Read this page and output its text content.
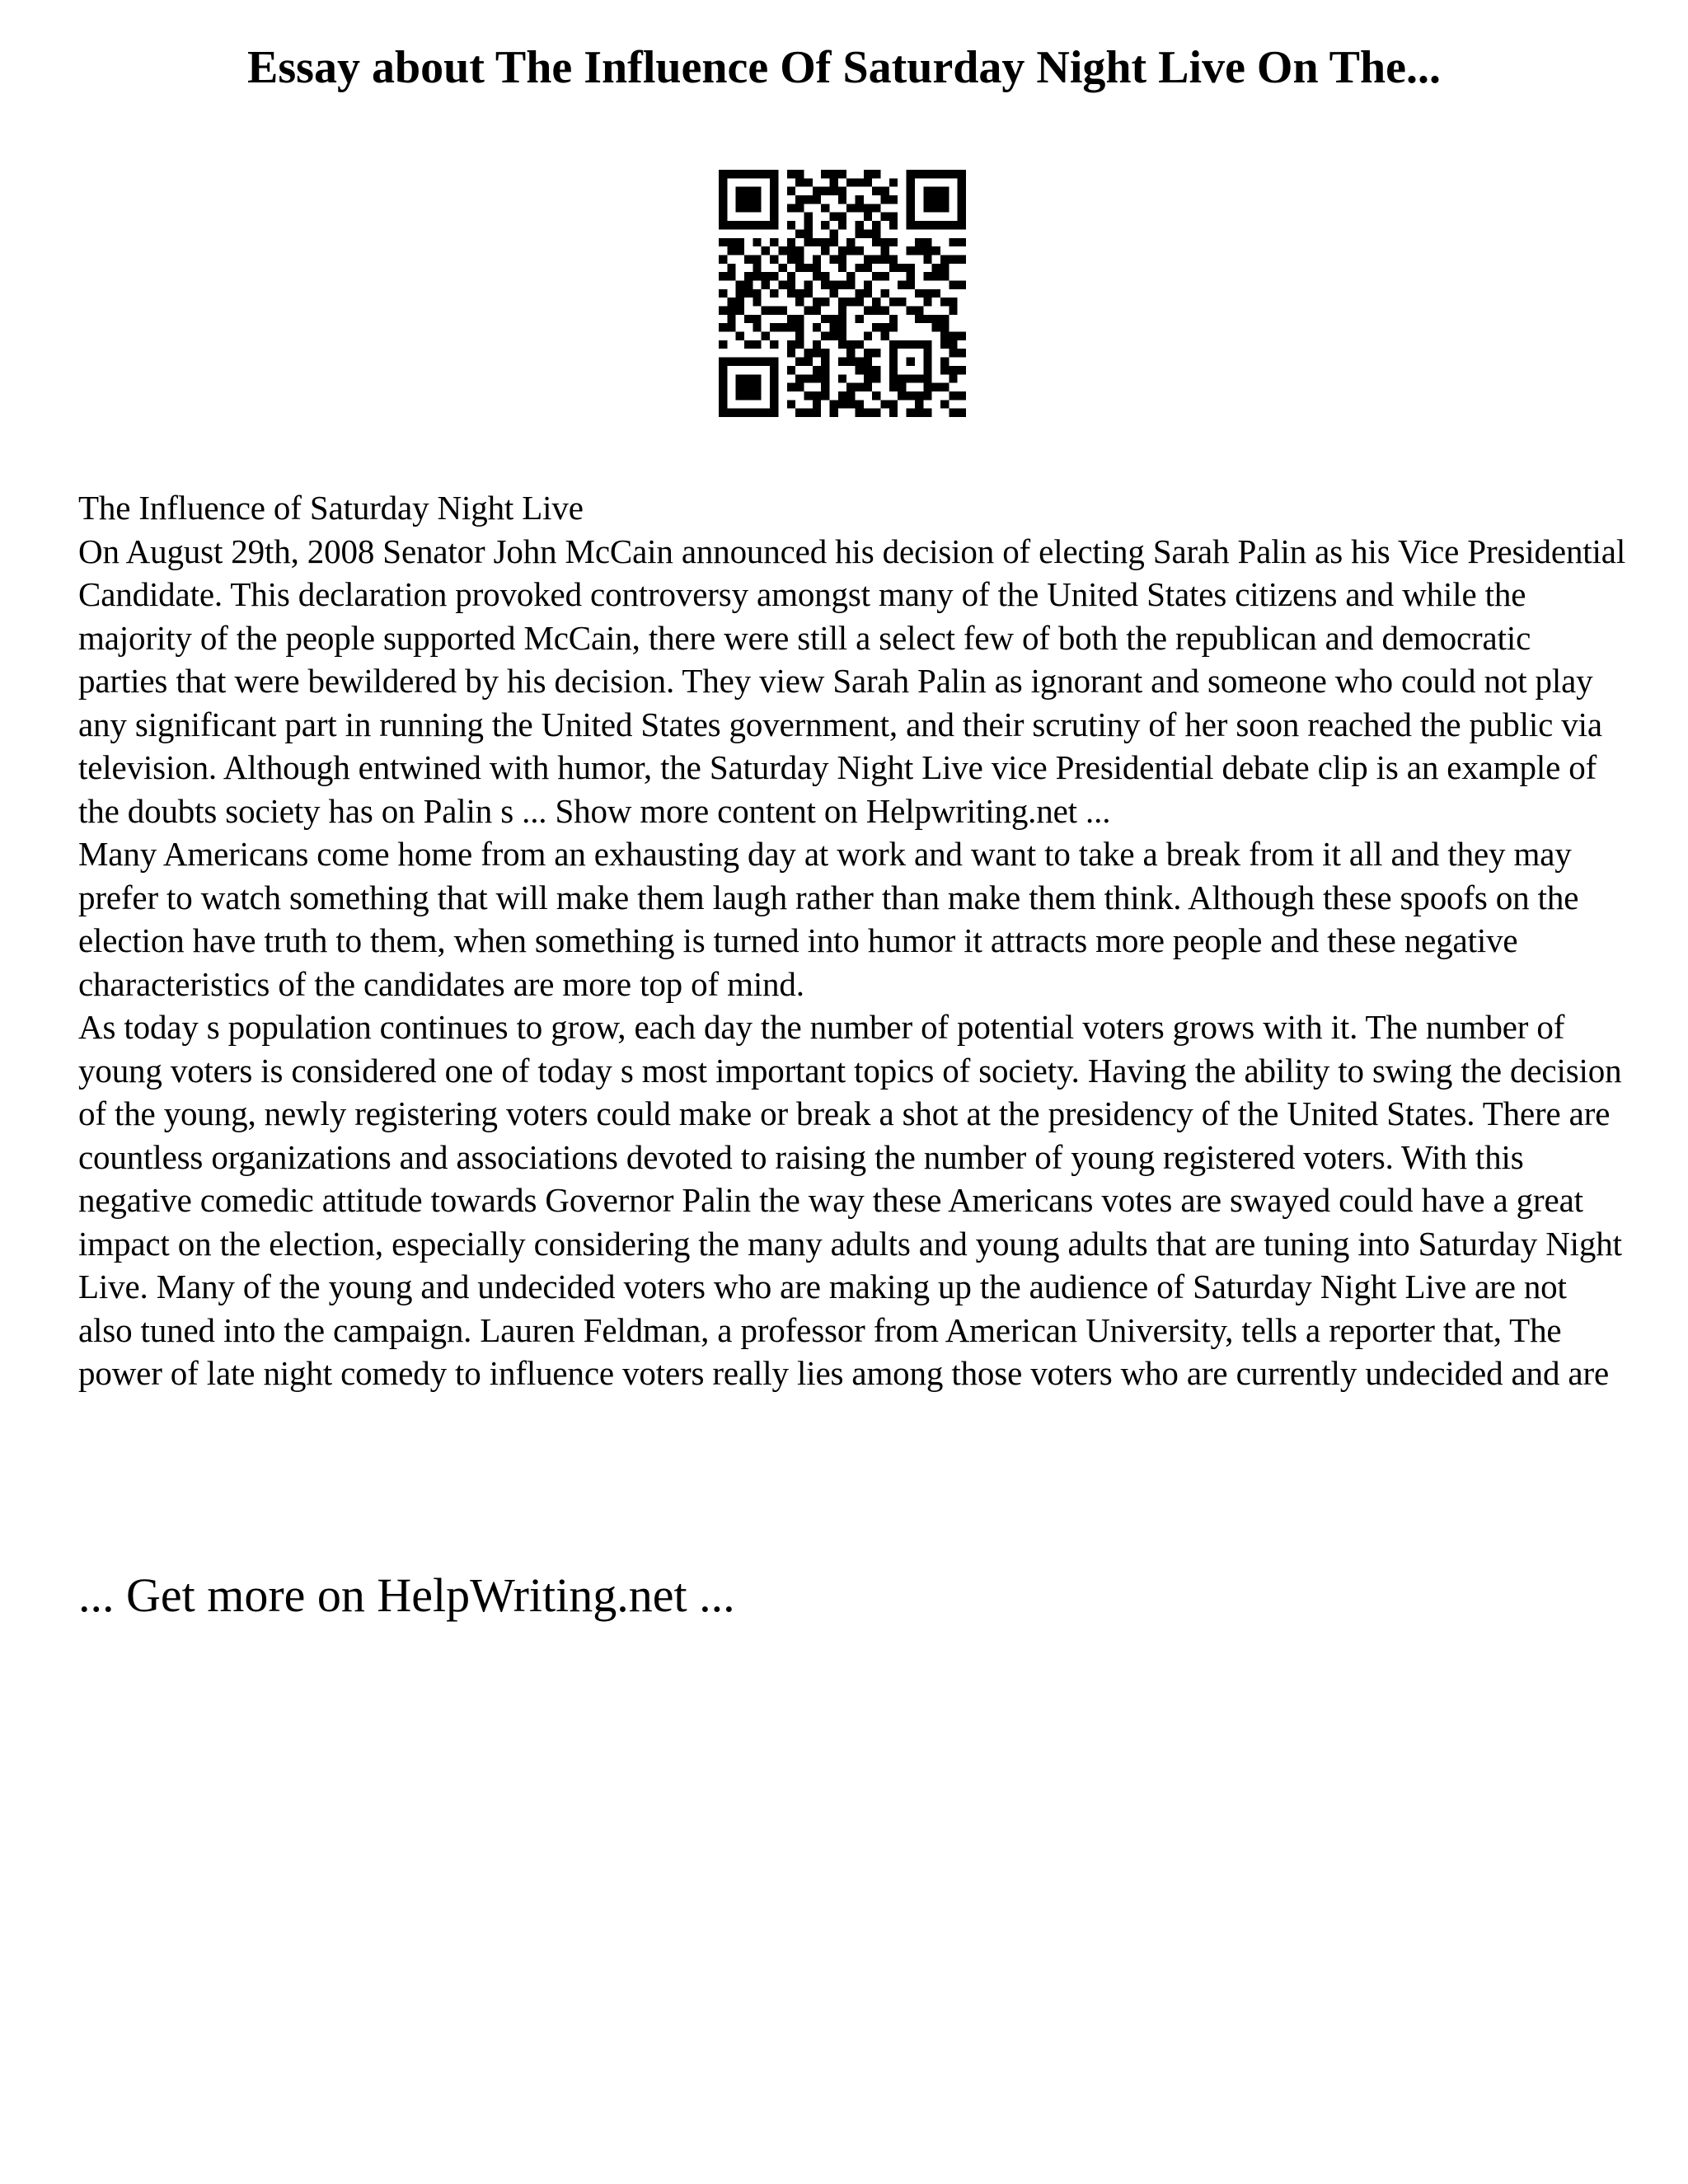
Essay about The Influence Of Saturday Night Live On The...

The Influence of Saturday Night Live

On August 29th, 2008 Senator John McCain announced his decision of electing Sarah Palin as his Vice Presidential Candidate. This declaration provoked controversy amongst many of the United States citizens and while the majority of the people supported McCain, there were still a select few of both the republican and democratic parties that were bewildered by his decision. They view Sarah Palin as ignorant and someone who could not play any significant part in running the United States government, and their scrutiny of her soon reached the public via television. Although entwined with humor, the Saturday Night Live vice Presidential debate clip is an example of the doubts society has on Palin s ... Show more content on Helpwriting.net ...

Many Americans come home from an exhausting day at work and want to take a break from it all and they may prefer to watch something that will make them laugh rather than make them think. Although these spoofs on the election have truth to them, when something is turned into humor it attracts more people and these negative characteristics of the candidates are more top of mind.

As today s population continues to grow, each day the number of potential voters grows with it. The number of young voters is considered one of today s most important topics of society. Having the ability to swing the decision of the young, newly registering voters could make or break a shot at the presidency of the United States. There are countless organizations and associations devoted to raising the number of young registered voters. With this negative comedic attitude towards Governor Palin the way these Americans votes are swayed could have a great impact on the election, especially considering the many adults and young adults that are tuning into Saturday Night Live. Many of the young and undecided voters who are making up the audience of Saturday Night Live are not also tuned into the campaign. Lauren Feldman, a professor from American University, tells a reporter that, The power of late night comedy to influence voters really lies among those voters who are currently undecided and are

... Get more on HelpWriting.net ...
